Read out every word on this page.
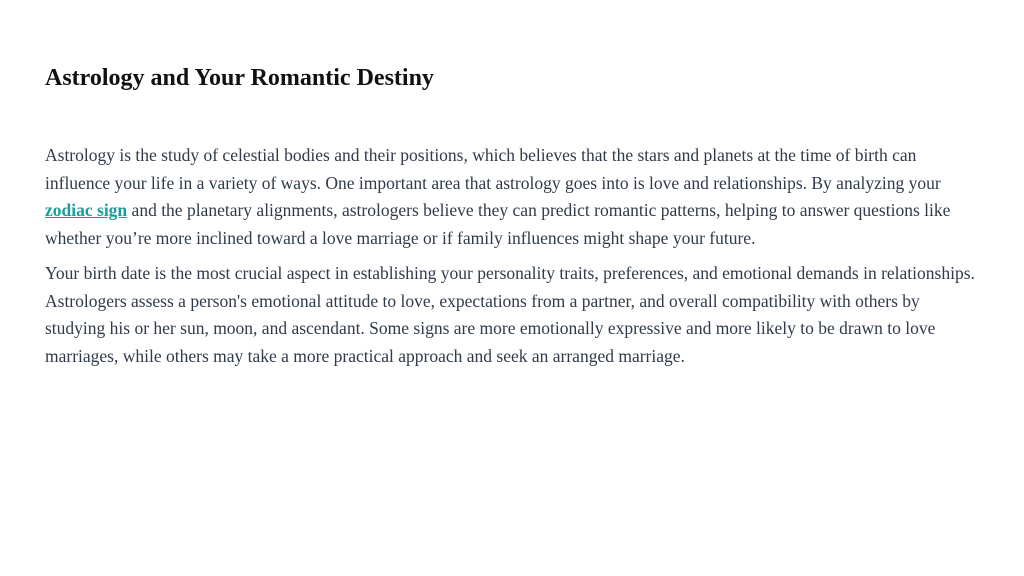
Astrology and Your Romantic Destiny

Astrology is the study of celestial bodies and their positions, which believes that the stars and planets at the time of birth can influence your life in a variety of ways. One important area that astrology goes into is love and relationships. By analyzing your zodiac sign and the planetary alignments, astrologers believe they can predict romantic patterns, helping to answer questions like whether you’re more inclined toward a love marriage or if family influences might shape your future.

Your birth date is the most crucial aspect in establishing your personality traits, preferences, and emotional demands in relationships. Astrologers assess a person's emotional attitude to love, expectations from a partner, and overall compatibility with others by studying his or her sun, moon, and ascendant. Some signs are more emotionally expressive and more likely to be drawn to love marriages, while others may take a more practical approach and seek an arranged marriage.
